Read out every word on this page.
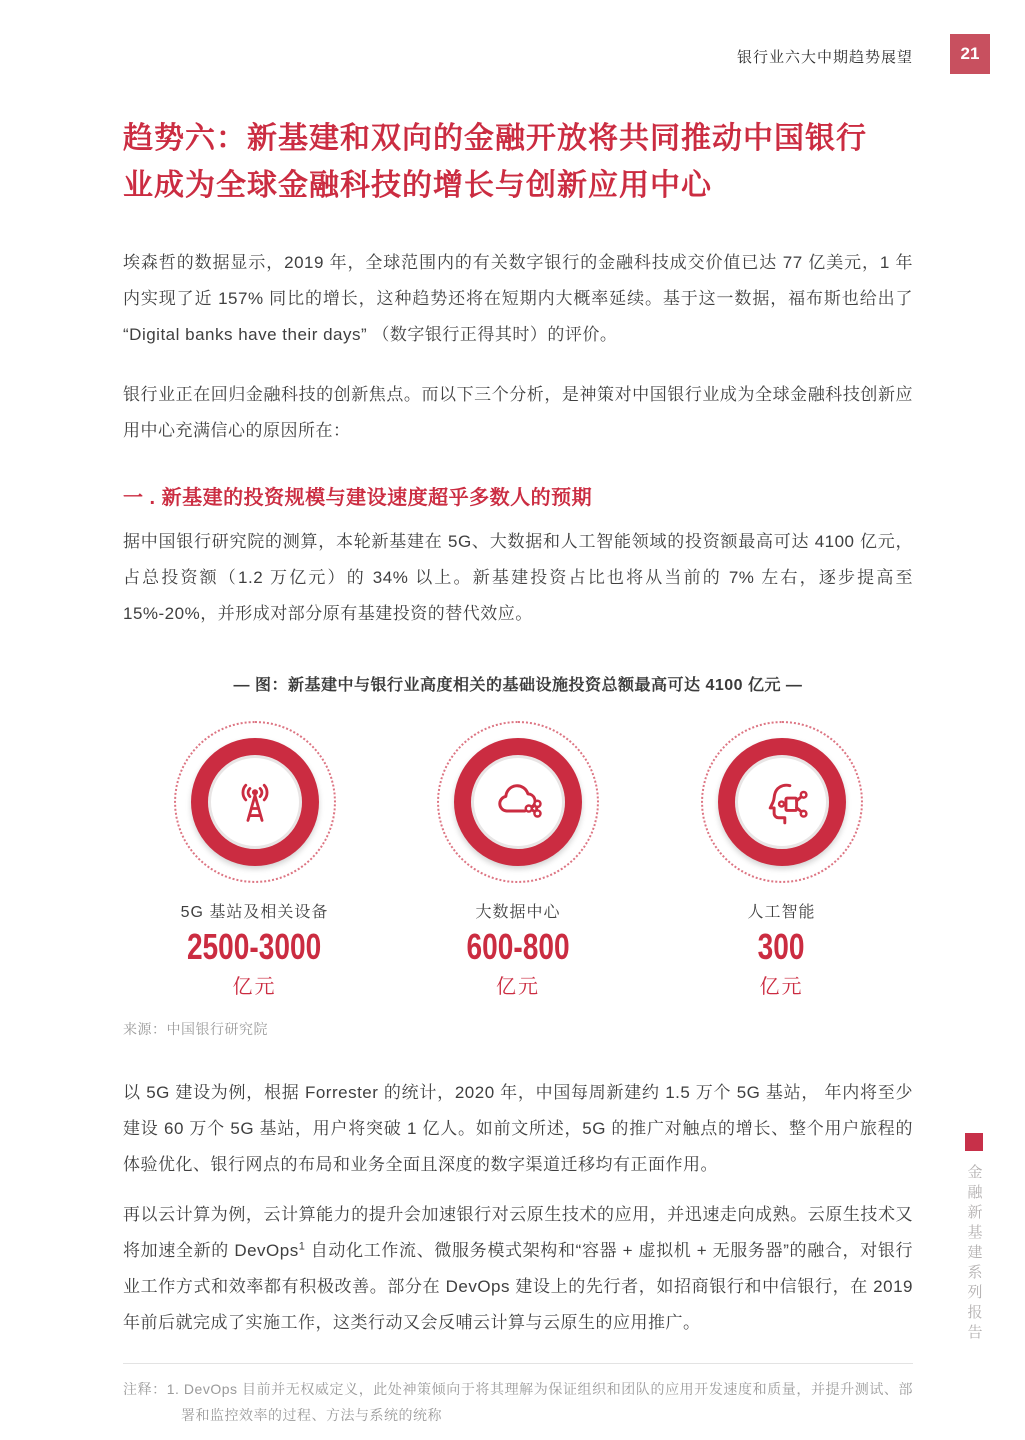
银行业六大中期趋势展望	21
趋势六：新基建和双向的金融开放将共同推动中国银行
业成为全球金融科技的增长与创新应用中心

埃森哲的数据显示，2019 年，全球范围内的有关数字银行的金融科技成交价值已达 77 亿美元，1 年内实现了近 157% 同比的增长，这种趋势还将在短期内大概率延续。基于这一数据，福布斯也给出了“Digital banks have their days” （数字银行正得其时）的评价。

银行业正在回归金融科技的创新焦点。而以下三个分析，是神策对中国银行业成为全球金融科技创新应用中心充满信心的原因所在：

一 . 新基建的投资规模与建设速度超乎多数人的预期

据中国银行研究院的测算，本轮新基建在 5G、大数据和人工智能领域的投资额最高可达 4100 亿元，占总投资额（1.2 万亿元）的 34% 以上。新基建投资占比也将从当前的 7% 左右，逐步提高至 15%-20%，并形成对部分原有基建投资的替代效应。

— 图：新基建中与银行业高度相关的基础设施投资总额最高可达 4100 亿元 —
5G 基站及相关设备
2500-3000
亿元
大数据中心
600-800
亿元
人工智能
300
亿元
来源：中国银行研究院

以 5G 建设为例，根据 Forrester 的统计，2020 年，中国每周新建约 1.5 万个 5G 基站， 年内将至少建设 60 万个 5G 基站，用户将突破 1 亿人。如前文所述，5G 的推广对触点的增长、整个用户旅程的体验优化、银行网点的布局和业务全面且深度的数字渠道迁移均有正面作用。

再以云计算为例，云计算能力的提升会加速银行对云原生技术的应用，并迅速走向成熟。云原生技术又将加速全新的 DevOps$^1$ 自动化工作流、微服务模式架构和“容器 + 虚拟机 + 无服务器”的融合，对银行业工作方式和效率都有积极改善。部分在 DevOps 建设上的先行者，如招商银行和中信银行，在 2019 年前后就完成了实施工作，这类行动又会反哺云计算与云原生的应用推广。

注释：1. DevOps 目前并无权威定义，此处神策倾向于将其理解为保证组织和团队的应用开发速度和质量，并提升测试、部署和监控效率的过程、方法与系统的统称
金融新基建系列报告
